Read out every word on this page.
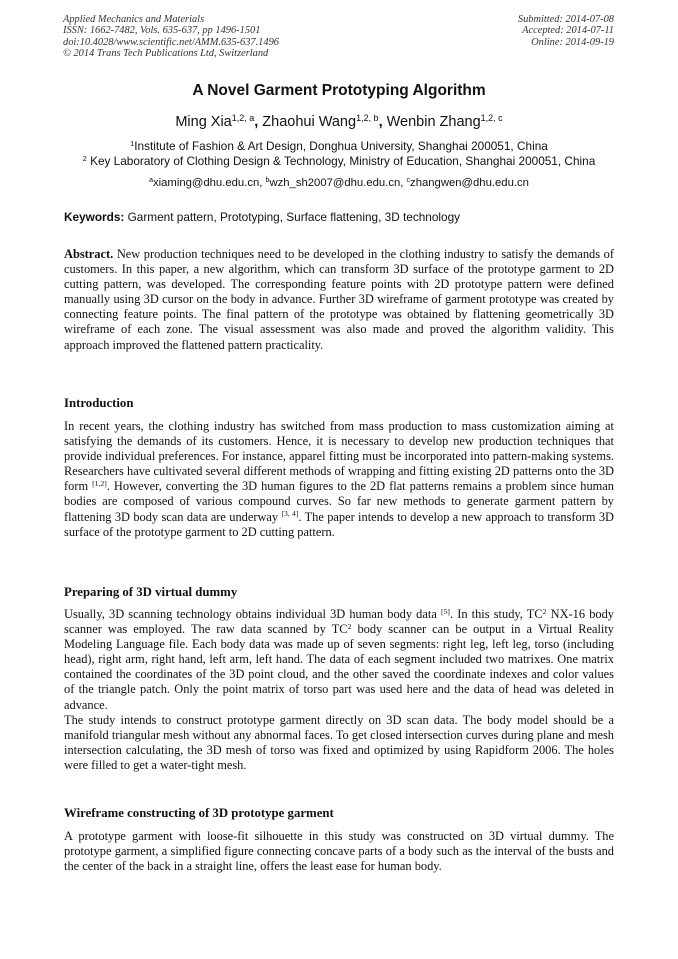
Applied Mechanics and Materials
ISSN: 1662-7482, Vols. 635-637, pp 1496-1501
doi:10.4028/www.scientific.net/AMM.635-637.1496
© 2014 Trans Tech Publications Ltd, Switzerland
Submitted: 2014-07-08
Accepted: 2014-07-11
Online: 2014-09-19
A Novel Garment Prototyping Algorithm
Ming Xia$^{1,2, a}$, Zhaohui Wang$^{1,2, b}$, Wenbin Zhang$^{1,2, c}$
$^1$Institute of Fashion & Art Design, Donghua University, Shanghai 200051, China
$^2$ Key Laboratory of Clothing Design & Technology, Ministry of Education, Shanghai 200051, China
$^a$xiaming@dhu.edu.cn, $^b$wzh_sh2007@dhu.edu.cn, $^c$zhangwen@dhu.edu.cn
Keywords: Garment pattern, Prototyping, Surface flattening, 3D technology
Abstract. New production techniques need to be developed in the clothing industry to satisfy the demands of customers. In this paper, a new algorithm, which can transform 3D surface of the prototype garment to 2D cutting pattern, was developed. The corresponding feature points with 2D prototype pattern were defined manually using 3D cursor on the body in advance. Further 3D wireframe of garment prototype was created by connecting feature points. The final pattern of the prototype was obtained by flattening geometrically 3D wireframe of each zone. The visual assessment was also made and proved the algorithm validity. This approach improved the flattened pattern practicality.
Introduction
In recent years, the clothing industry has switched from mass production to mass customization aiming at satisfying the demands of its customers. Hence, it is necessary to develop new production techniques that provide individual preferences. For instance, apparel fitting must be incorporated into pattern-making systems. Researchers have cultivated several different methods of wrapping and fitting existing 2D patterns onto the 3D form [1,2]. However, converting the 3D human figures to the 2D flat patterns remains a problem since human bodies are composed of various compound curves. So far new methods to generate garment pattern by flattening 3D body scan data are underway [3, 4]. The paper intends to develop a new approach to transform 3D surface of the prototype garment to 2D cutting pattern.
Preparing of 3D virtual dummy
Usually, 3D scanning technology obtains individual 3D human body data [5]. In this study, $TC^2$ NX-16 body scanner was employed. The raw data scanned by $TC^2$ body scanner can be output in a Virtual Reality Modeling Language file. Each body data was made up of seven segments: right leg, left leg, torso (including head), right arm, right hand, left arm, left hand. The data of each segment included two matrixes. One matrix contained the coordinates of the 3D point cloud, and the other saved the coordinate indexes and color values of the triangle patch. Only the point matrix of torso part was used here and the data of head was deleted in advance.
The study intends to construct prototype garment directly on 3D scan data. The body model should be a manifold triangular mesh without any abnormal faces. To get closed intersection curves during plane and mesh intersection calculating, the 3D mesh of torso was fixed and optimized by using Rapidform 2006. The holes were filled to get a water-tight mesh.
Wireframe constructing of 3D prototype garment
A prototype garment with loose-fit silhouette in this study was constructed on 3D virtual dummy. The prototype garment, a simplified figure connecting concave parts of a body such as the interval of the busts and the center of the back in a straight line, offers the least ease for human body.
